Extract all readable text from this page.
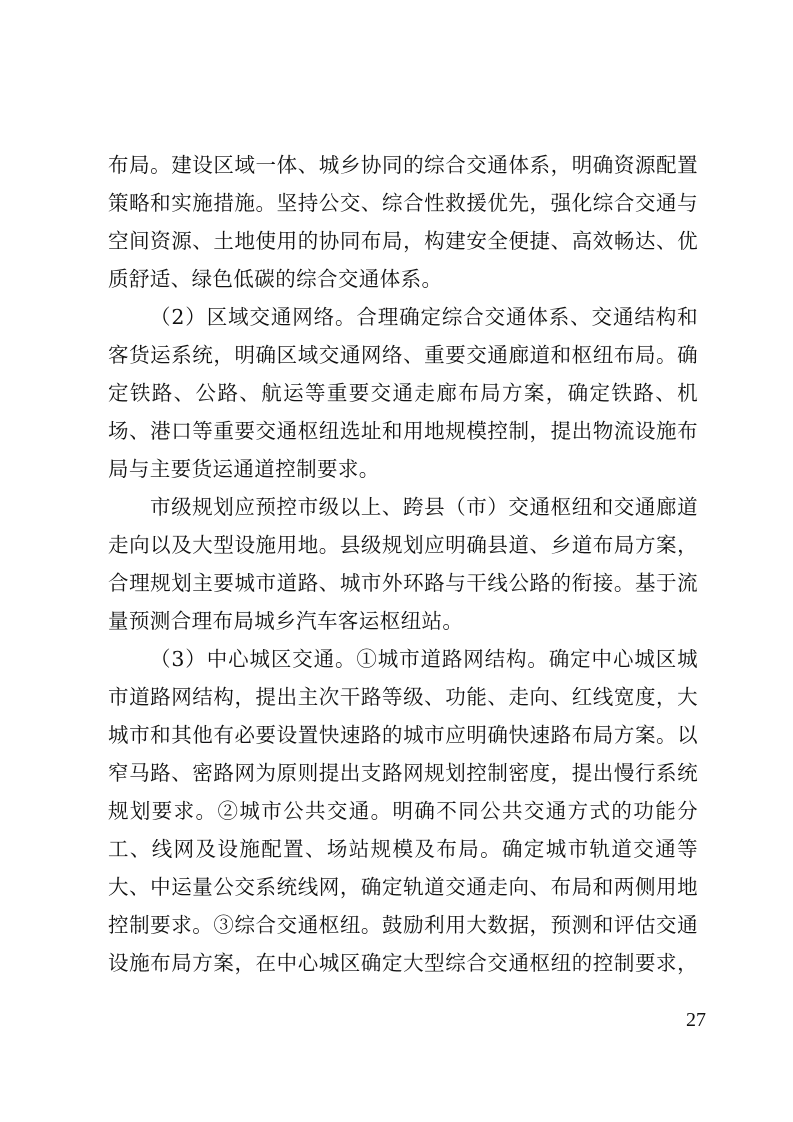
布局。建设区域一体、城乡协同的综合交通体系，明确资源配置
策略和实施措施。坚持公交、综合性救援优先，强化综合交通与
空间资源、土地使用的协同布局，构建安全便捷、高效畅达、优
质舒适、绿色低碳的综合交通体系。
（2）区域交通网络。合理确定综合交通体系、交通结构和
客货运系统，明确区域交通网络、重要交通廊道和枢纽布局。确
定铁路、公路、航运等重要交通走廊布局方案，确定铁路、机
场、港口等重要交通枢纽选址和用地规模控制，提出物流设施布
局与主要货运通道控制要求。
市级规划应预控市级以上、跨县（市）交通枢纽和交通廊道
走向以及大型设施用地。县级规划应明确县道、乡道布局方案，
合理规划主要城市道路、城市外环路与干线公路的衔接。基于流
量预测合理布局城乡汽车客运枢纽站。
（3）中心城区交通。①城市道路网结构。确定中心城区城
市道路网结构，提出主次干路等级、功能、走向、红线宽度，大
城市和其他有必要设置快速路的城市应明确快速路布局方案。以
窄马路、密路网为原则提出支路网规划控制密度，提出慢行系统
规划要求。②城市公共交通。明确不同公共交通方式的功能分
工、线网及设施配置、场站规模及布局。确定城市轨道交通等
大、中运量公交系统线网，确定轨道交通走向、布局和两侧用地
控制要求。③综合交通枢纽。鼓励利用大数据，预测和评估交通
设施布局方案，在中心城区确定大型综合交通枢纽的控制要求，
27
